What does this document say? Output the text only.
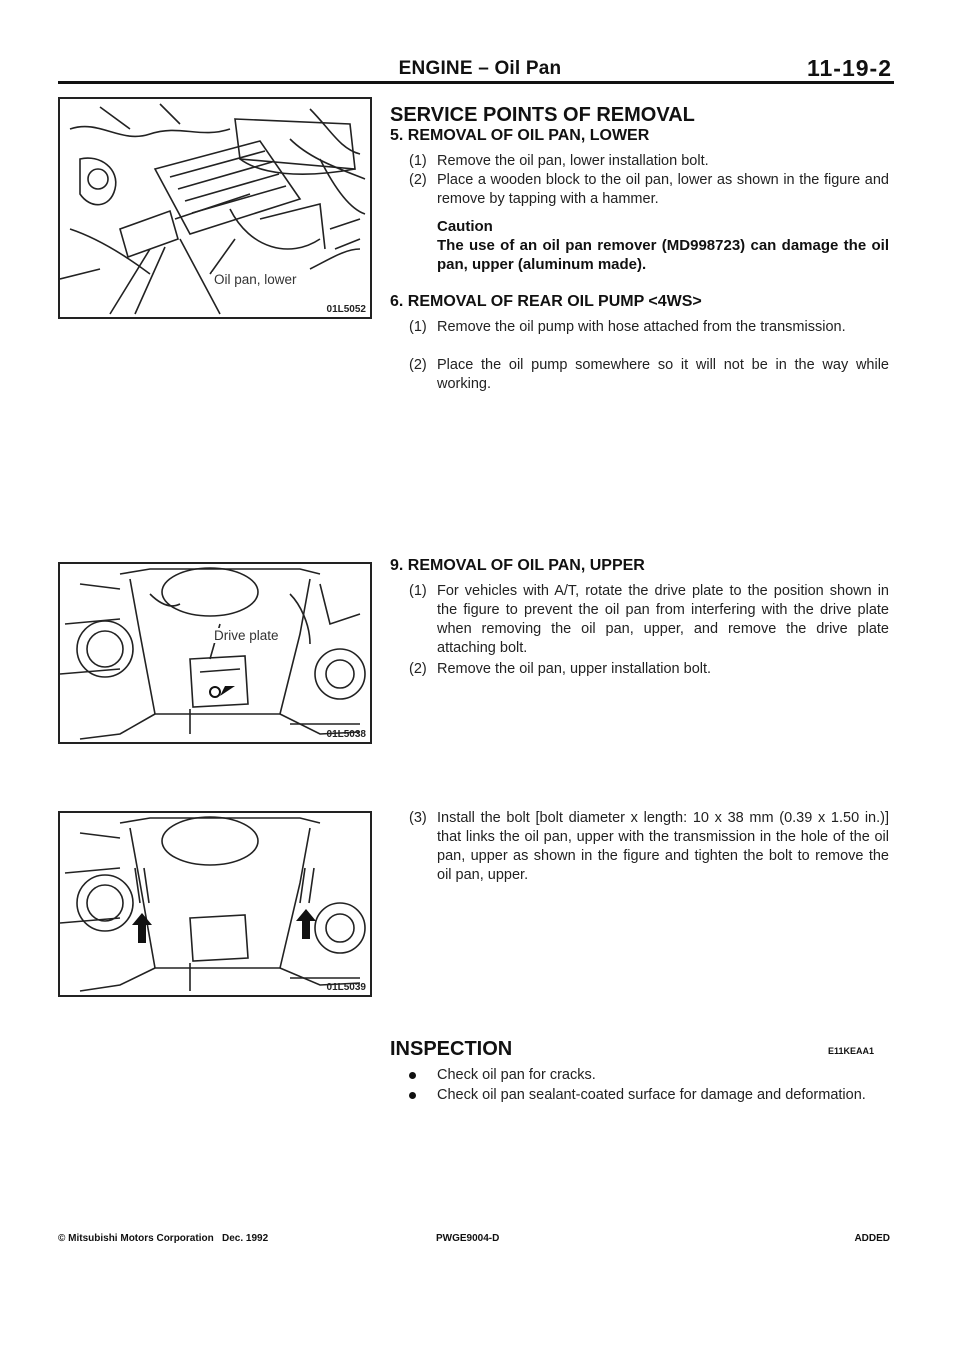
ENGINE – Oil Pan	11-19-2
Oil pan, lower
01L5052
Drive plate
01L5038
01L5039
SERVICE POINTS OF REMOVAL
5. REMOVAL OF OIL PAN, LOWER
(1) Remove the oil pan, lower installation bolt.
(2) Place a wooden block to the oil pan, lower as shown in the figure and remove by tapping with a hammer.
Caution
The use of an oil pan remover (MD998723) can damage the oil pan, upper (aluminum made).
6. REMOVAL OF REAR OIL PUMP <4WS>
(1) Remove the oil pump with hose attached from the transmission.
(2) Place the oil pump somewhere so it will not be in the way while working.
9. REMOVAL OF OIL PAN, UPPER
(1) For vehicles with A/T, rotate the drive plate to the position shown in the figure to prevent the oil pan from interfering with the drive plate when removing the oil pan, upper, and remove the drive plate attaching bolt.
(2) Remove the oil pan, upper installation bolt.
(3) Install the bolt [bolt diameter x length: 10 x 38 mm (0.39 x 1.50 in.)] that links the oil pan, upper with the transmission in the hole of the oil pan, upper as shown in the figure and tighten the bolt to remove the oil pan, upper.
INSPECTION	E11KEAA1
Check oil pan for cracks.
Check oil pan sealant-coated surface for damage and deformation.
© Mitsubishi Motors Corporation   Dec. 1992	PWGE9004-D	ADDED
